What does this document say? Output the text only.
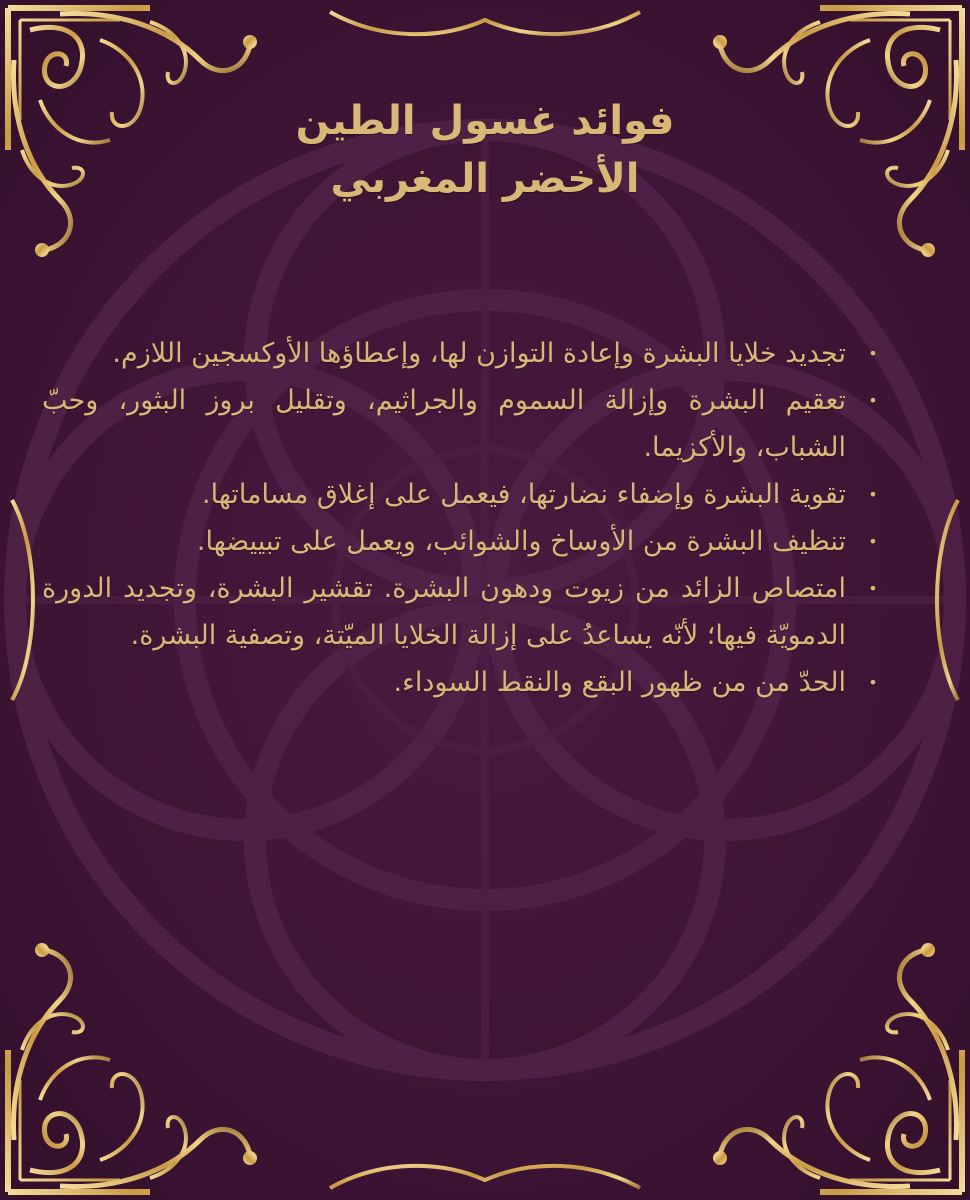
فوائد غسول الطين
الأخضر المغربي
•
تجديد خلايا البشرة وإعادة التوازن لها، وإعطاؤها الأوكسجين اللازم.
•
تعقيم البشرة وإزالة السموم والجراثيم، وتقليل بروز البثور، وحبّ الشباب، والأكزيما.
•
تقوية البشرة وإضفاء نضارتها، فيعمل على إغلاق مساماتها.
•
تنظيف البشرة من الأوساخ والشوائب، ويعمل على تبييضها.
•
امتصاص الزائد من زيوت ودهون البشرة. تقشير البشرة، وتجديد الدورة الدمويّة فيها؛ لأنّه يساعدُ على إزالة الخلايا الميّتة، وتصفية البشرة.
•
الحدّ من من ظهور البقع والنقط السوداء.
